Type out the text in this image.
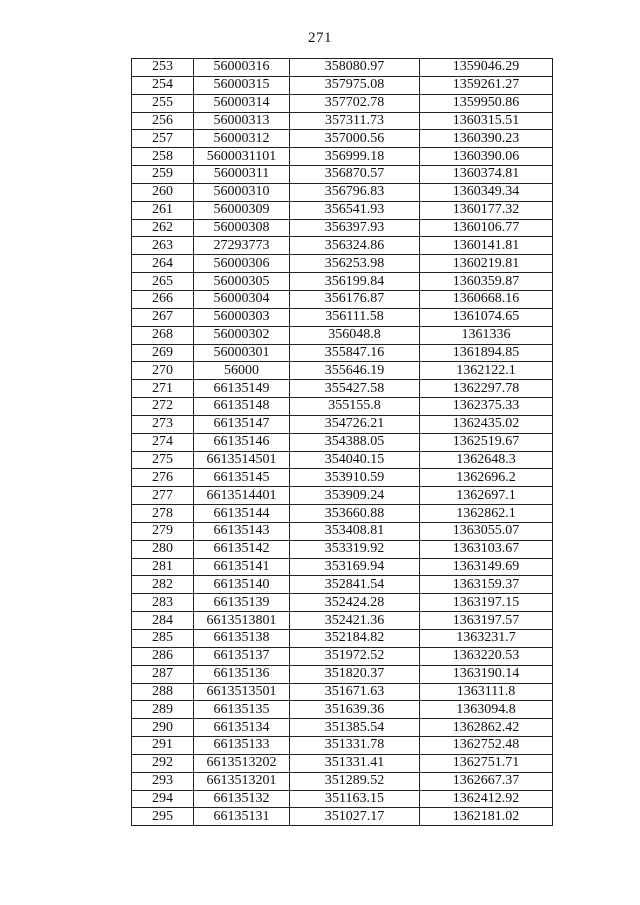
271
253	56000316	358080.97	1359046.29
254	56000315	357975.08	1359261.27
255	56000314	357702.78	1359950.86
256	56000313	357311.73	1360315.51
257	56000312	357000.56	1360390.23
258	5600031101	356999.18	1360390.06
259	56000311	356870.57	1360374.81
260	56000310	356796.83	1360349.34
261	56000309	356541.93	1360177.32
262	56000308	356397.93	1360106.77
263	27293773	356324.86	1360141.81
264	56000306	356253.98	1360219.81
265	56000305	356199.84	1360359.87
266	56000304	356176.87	1360668.16
267	56000303	356111.58	1361074.65
268	56000302	356048.8	1361336
269	56000301	355847.16	1361894.85
270	56000	355646.19	1362122.1
271	66135149	355427.58	1362297.78
272	66135148	355155.8	1362375.33
273	66135147	354726.21	1362435.02
274	66135146	354388.05	1362519.67
275	6613514501	354040.15	1362648.3
276	66135145	353910.59	1362696.2
277	6613514401	353909.24	1362697.1
278	66135144	353660.88	1362862.1
279	66135143	353408.81	1363055.07
280	66135142	353319.92	1363103.67
281	66135141	353169.94	1363149.69
282	66135140	352841.54	1363159.37
283	66135139	352424.28	1363197.15
284	6613513801	352421.36	1363197.57
285	66135138	352184.82	1363231.7
286	66135137	351972.52	1363220.53
287	66135136	351820.37	1363190.14
288	6613513501	351671.63	1363111.8
289	66135135	351639.36	1363094.8
290	66135134	351385.54	1362862.42
291	66135133	351331.78	1362752.48
292	6613513202	351331.41	1362751.71
293	6613513201	351289.52	1362667.37
294	66135132	351163.15	1362412.92
295	66135131	351027.17	1362181.02
